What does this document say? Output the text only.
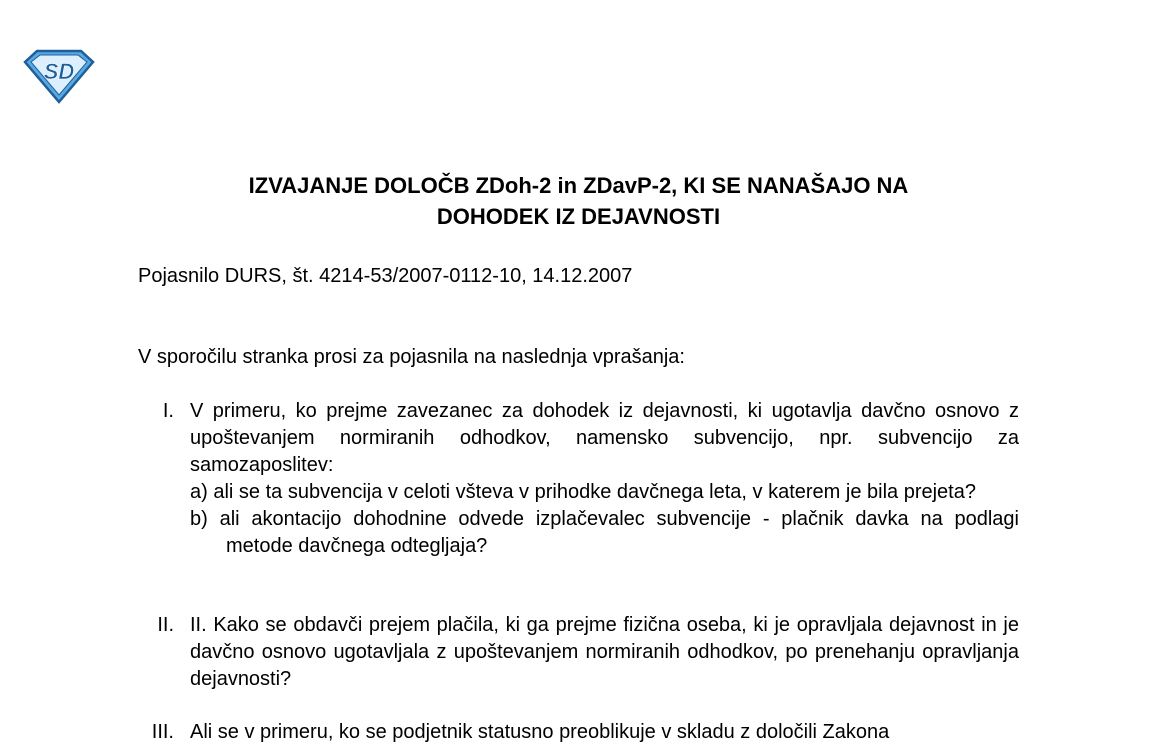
SD
IZVAJANJE DOLOČB ZDoh-2 in ZDavP-2, KI SE NANAŠAJO NA
DOHODEK IZ DEJAVNOSTI

Pojasnilo DURS, št. 4214-53/2007-0112-10, 14.12.2007

V sporočilu stranka prosi za pojasnila na naslednja vprašanja:

I. V primeru, ko prejme zavezanec za dohodek iz dejavnosti, ki ugotavlja davčno osnovo z upoštevanjem normiranih odhodkov, namensko subvencijo, npr. subvencijo za samozaposlitev:
a) ali se ta subvencija v celoti všteva v prihodke davčnega leta, v katerem je bila prejeta?
b) ali akontacijo dohodnine odvede izplačevalec subvencije - plačnik davka na podlagi metode davčnega odtegljaja?
II. II. Kako se obdavči prejem plačila, ki ga prejme fizična oseba, ki je opravljala dejavnost in je davčno osnovo ugotavljala z upoštevanjem normiranih odhodkov, po prenehanju opravljanja dejavnosti?
III. Ali se v primeru, ko se podjetnik statusno preoblikuje v skladu z določili Zakona
